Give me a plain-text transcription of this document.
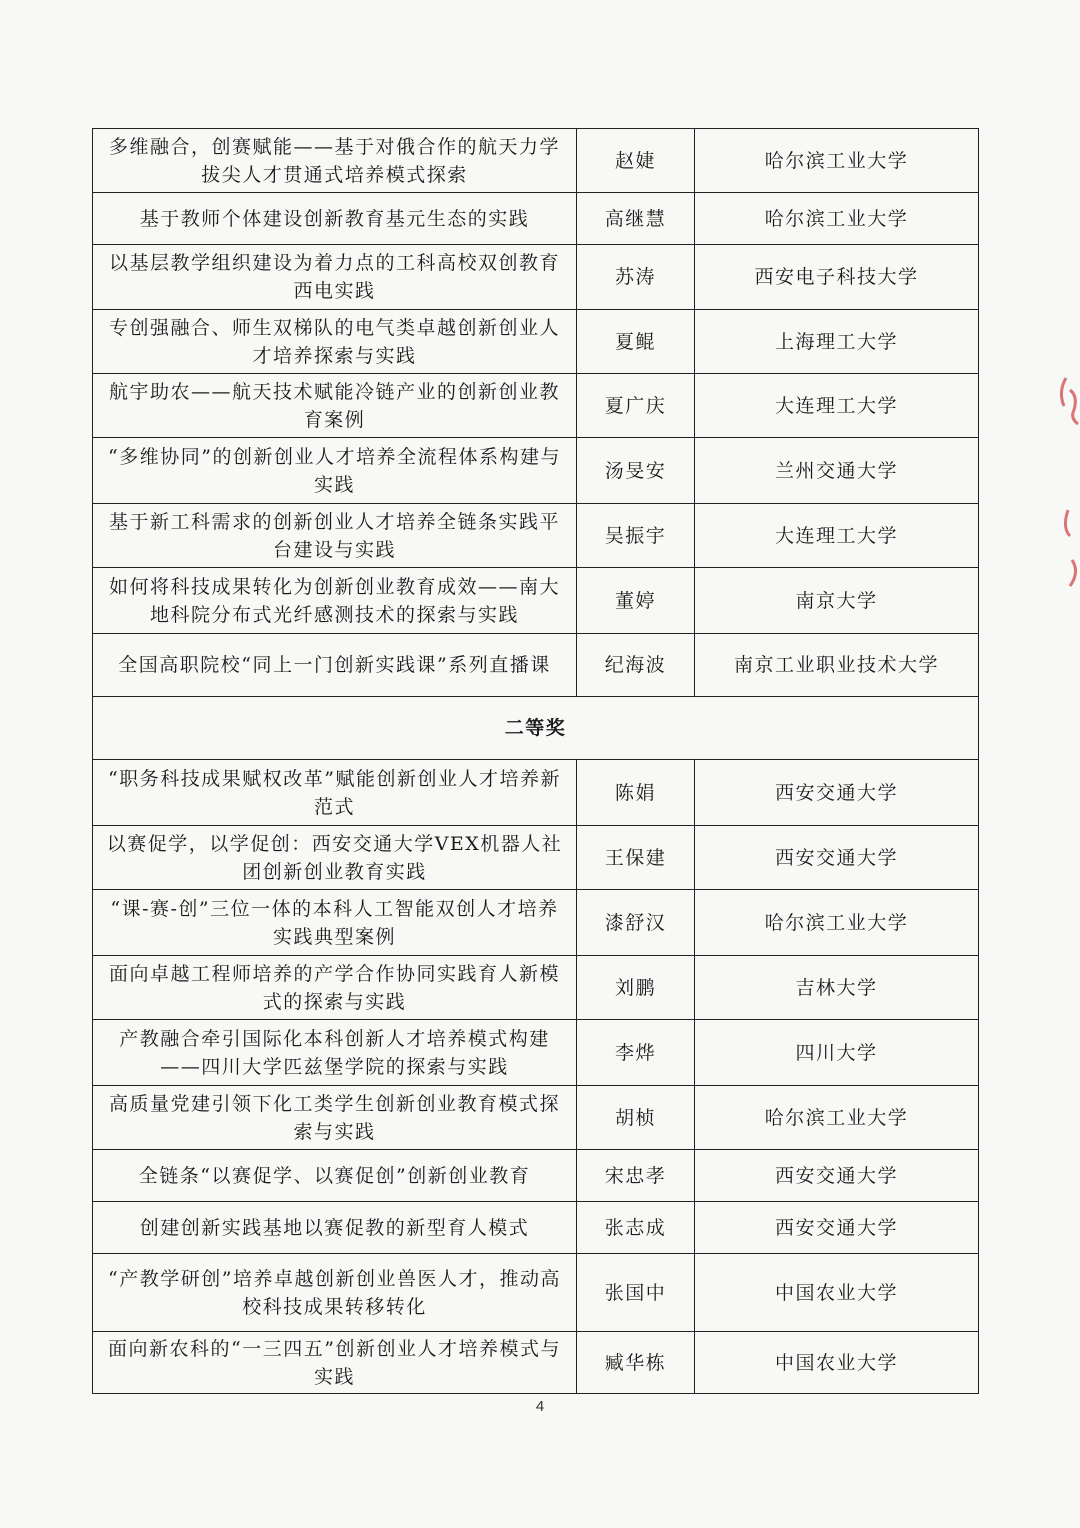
多维融合，创赛赋能——基于对俄合作的航天力学拔尖人才贯通式培养模式探索	赵婕	哈尔滨工业大学
基于教师个体建设创新教育基元生态的实践	高继慧	哈尔滨工业大学
以基层教学组织建设为着力点的工科高校双创教育西电实践	苏涛	西安电子科技大学
专创强融合、师生双梯队的电气类卓越创新创业人才培养探索与实践	夏鲲	上海理工大学
航宇助农——航天技术赋能冷链产业的创新创业教育案例	夏广庆	大连理工大学
“多维协同”的创新创业人才培养全流程体系构建与实践	汤旻安	兰州交通大学
基于新工科需求的创新创业人才培养全链条实践平台建设与实践	吴振宇	大连理工大学
如何将科技成果转化为创新创业教育成效——南大地科院分布式光纤感测技术的探索与实践	董婷	南京大学
全国高职院校“同上一门创新实践课”系列直播课	纪海波	南京工业职业技术大学
二等奖		
“职务科技成果赋权改革”赋能创新创业人才培养新范式	陈娟	西安交通大学
以赛促学，以学促创：西安交通大学VEX机器人社团创新创业教育实践	王保建	西安交通大学
“课-赛-创”三位一体的本科人工智能双创人才培养实践典型案例	漆舒汉	哈尔滨工业大学
面向卓越工程师培养的产学合作协同实践育人新模式的探索与实践	刘鹏	吉林大学
产教融合牵引国际化本科创新人才培养模式构建——四川大学匹兹堡学院的探索与实践	李烨	四川大学
高质量党建引领下化工类学生创新创业教育模式探索与实践	胡桢	哈尔滨工业大学
全链条“以赛促学、以赛促创”创新创业教育	宋忠孝	西安交通大学
创建创新实践基地以赛促教的新型育人模式	张志成	西安交通大学
“产教学研创”培养卓越创新创业兽医人才，推动高校科技成果转移转化	张国中	中国农业大学
面向新农科的“一三四五”创新创业人才培养模式与实践	臧华栋	中国农业大学
4
